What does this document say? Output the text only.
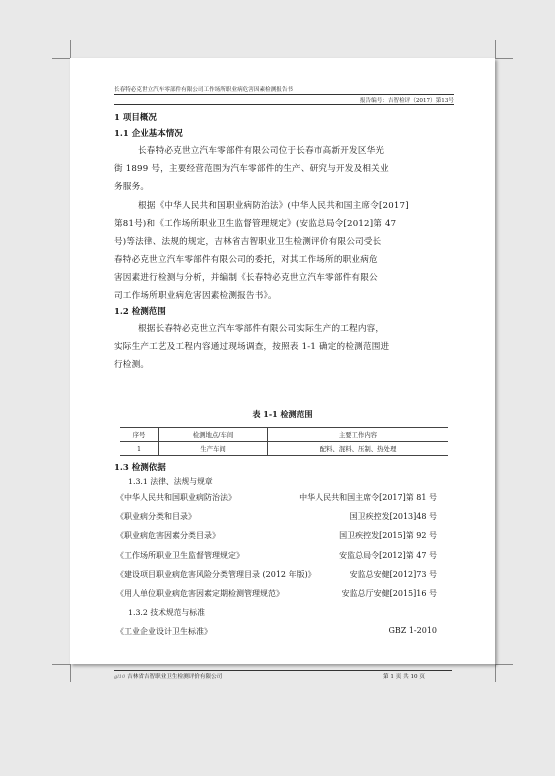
长春特必克世立汽车零部件有限公司工作场所职业病危害因素检测报告书
报告编号：吉智检评（2017）第13号
1 项目概况
1.1 企业基本情况
长春特必克世立汽车零部件有限公司位于长春市高新开发区华光
街 1899 号，主要经营范围为汽车零部件的生产、研究与开发及相关业
务服务。
根据《中华人民共和国职业病防治法》(中华人民共和国主席令[2017]
第81号)和《工作场所职业卫生监督管理规定》(安监总局令[2012]第 47
号)等法律、法规的规定，吉林省吉智职业卫生检测评价有限公司受长
春特必克世立汽车零部件有限公司的委托，对其工作场所的职业病危
害因素进行检测与分析，并编制《长春特必克世立汽车零部件有限公
司工作场所职业病危害因素检测报告书》。
1.2 检测范围
根据长春特必克世立汽车零部件有限公司实际生产的工程内容，
实际生产工艺及工程内容通过现场调查，按照表 1-1 确定的检测范围进
行检测。
表 1-1 检测范围
序号	检测地点/车间	主要工作内容
1	生产车间	配料、混料、压制、热处理
1.3 检测依据
1.3.1 法律、法规与规章
《中华人民共和国职业病防治法》	中华人民共和国主席令[2017]第 81 号
《职业病分类和目录》	国卫疾控发[2013]48 号
《职业病危害因素分类目录》	国卫疾控发[2015]第 92 号
《工作场所职业卫生监督管理规定》	安监总局令[2012]第 47 号
《建设项目职业病危害风险分类管理目录 (2012 年版)》	安监总安健[2012]73 号
《用人单位职业病危害因素定期检测管理规范》	安监总厅安健[2015]16 号
1.3.2 技术规范与标准
《工业企业设计卫生标准》	GBZ 1-2010
gl10 吉林省吉智职业卫生检测评价有限公司	第 1 页 共 10 页
